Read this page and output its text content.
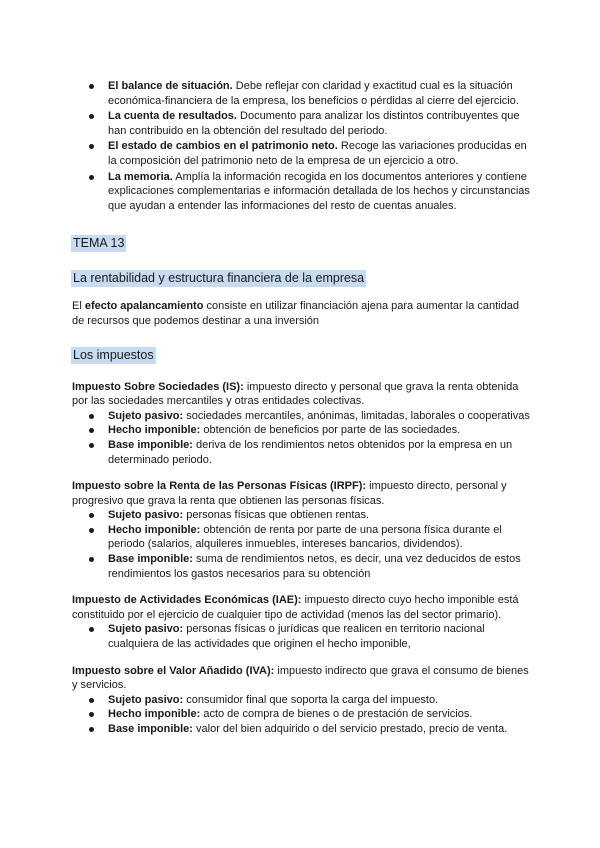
El balance de situación. Debe reflejar con claridad y exactitud cual es la situación económica-financiera de la empresa, los beneficios o pérdidas al cierre del ejercicio.
La cuenta de resultados. Documento para analizar los distintos contribuyentes que han contribuido en la obtención del resultado del periodo.
El estado de cambios en el patrimonio neto. Recoge las variaciones producidas en la composición del patrimonio neto de la empresa de un ejercicio a otro.
La memoria. Amplía la información recogida en los documentos anteriores y contiene explicaciones complementarias e información detallada de los hechos y circunstancias que ayudan a entender las informaciones del resto de cuentas anuales.
TEMA 13
La rentabilidad y estructura financiera de la empresa
El efecto apalancamiento consiste en utilizar financiación ajena para aumentar la cantidad de recursos que podemos destinar a una inversión
Los impuestos
Impuesto Sobre Sociedades (IS): impuesto directo y personal que grava la renta obtenida por las sociedades mercantiles y otras entidades colectivas.
Sujeto pasivo: sociedades mercantiles, anónimas, limitadas, laborales o cooperativas
Hecho imponible: obtención de beneficios por parte de las sociedades.
Base imponible: deriva de los rendimientos netos obtenidos por la empresa en un determinado periodo.
Impuesto sobre la Renta de las Personas Físicas (IRPF): impuesto directo, personal y progresivo que grava la renta que obtienen las personas físicas.
Sujeto pasivo: personas físicas que obtienen rentas.
Hecho imponible: obtención de renta por parte de una persona física durante el periodo (salarios, alquileres inmuebles, intereses bancarios, dividendos).
Base imponible: suma de rendimientos netos, es decir, una vez deducidos de estos rendimientos los gastos necesarios para su obtención
Impuesto de Actividades Económicas (IAE): impuesto directo cuyo hecho imponible está constituido por el ejercicio de cualquier tipo de actividad (menos las del sector primario).
Sujeto pasivo: personas físicas o jurídicas que realicen en territorio nacional cualquiera de las actividades que originen el hecho imponible,
Impuesto sobre el Valor Añadido (IVA): impuesto indirecto que grava el consumo de bienes y servicios.
Sujeto pasivo: consumidor final que soporta la carga del impuesto.
Hecho imponible: acto de compra de bienes o de prestación de servicios.
Base imponible: valor del bien adquirido o del servicio prestado, precio de venta.
